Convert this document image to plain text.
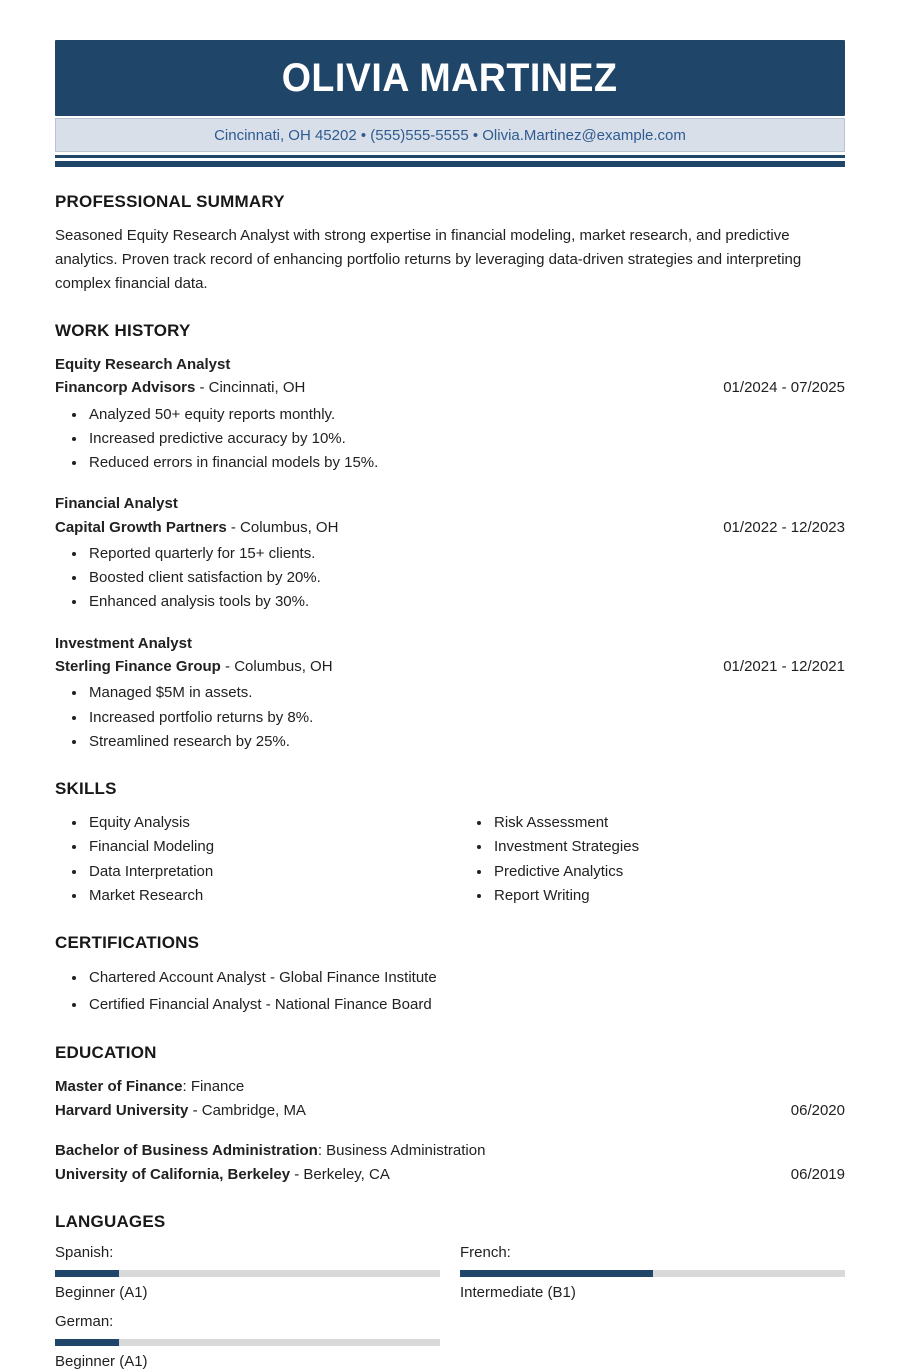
OLIVIA MARTINEZ
Cincinnati, OH 45202 • (555)555-5555 • Olivia.Martinez@example.com
PROFESSIONAL SUMMARY

Seasoned Equity Research Analyst with strong expertise in financial modeling, market research, and predictive analytics. Proven track record of enhancing portfolio returns by leveraging data-driven strategies and interpreting complex financial data.

WORK HISTORY
Equity Research Analyst
Financorp Advisors - Cincinnati, OH	01/2024 - 07/2025
• Analyzed 50+ equity reports monthly.
• Increased predictive accuracy by 10%.
• Reduced errors in financial models by 15%.
Financial Analyst
Capital Growth Partners - Columbus, OH	01/2022 - 12/2023
• Reported quarterly for 15+ clients.
• Boosted client satisfaction by 20%.
• Enhanced analysis tools by 30%.
Investment Analyst
Sterling Finance Group - Columbus, OH	01/2021 - 12/2021
• Managed $5M in assets.
• Increased portfolio returns by 8%.
• Streamlined research by 25%.
SKILLS
• Equity Analysis
• Financial Modeling
• Data Interpretation
• Market Research
• Risk Assessment
• Investment Strategies
• Predictive Analytics
• Report Writing
CERTIFICATIONS
• Chartered Account Analyst - Global Finance Institute
• Certified Financial Analyst - National Finance Board
EDUCATION
Master of Finance: Finance
Harvard University - Cambridge, MA	06/2020
Bachelor of Business Administration: Business Administration
University of California, Berkeley - Berkeley, CA	06/2019
LANGUAGES
Spanish:
Beginner (A1)
French:
Intermediate (B1)
German:
Beginner (A1)
